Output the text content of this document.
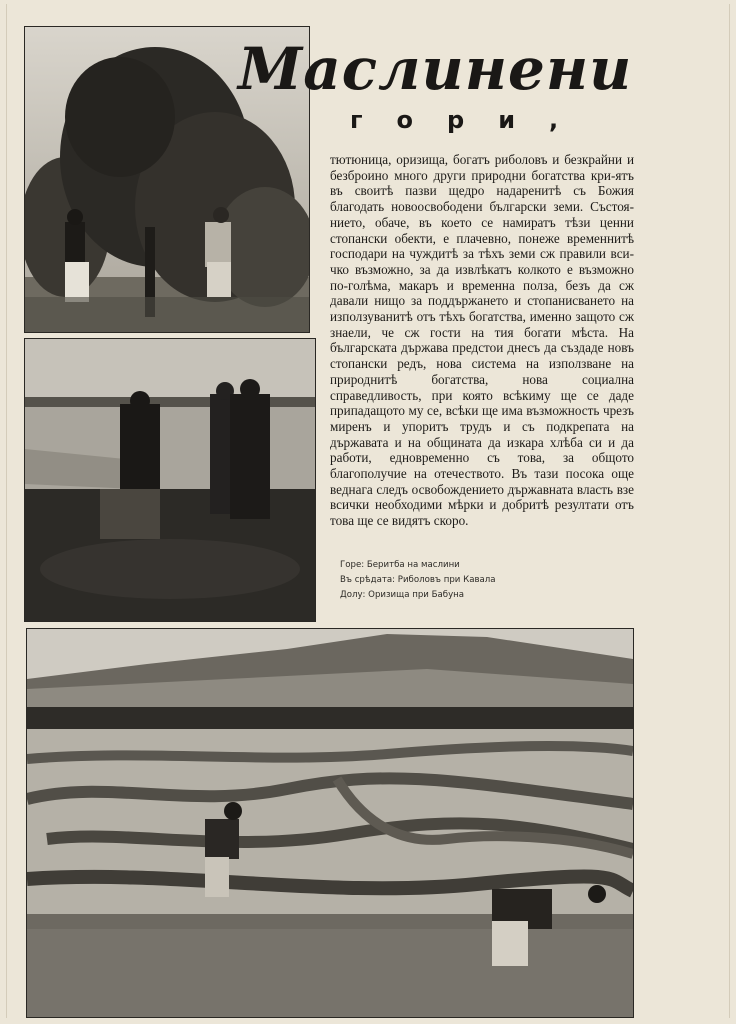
Маслинени
гори,
тютюница, оризища, богатъ риболовъ и безкрайни и безброино много други природни богатства кри-ятъ въ своитѣ пазви щедро надаренитѣ съ Божия благодать новоосвободени български земи. Състоя-нието, обаче, въ което се намиратъ тѣзи ценни стопански обекти, е плачевно, понеже временнитѣ господари на чуждитѣ за тѣхъ земи сж правили вси-чко възможно, за да извлѣкатъ колкото е възможно по-голѣма, макаръ и временна полза, безъ да сж давали нищо за поддържането и стопанисването на използуванитѣ отъ тѣхъ богатства, именно защото сж знаели, че сж гости на тия богати мѣста. На българската държава предстои днесъ да създаде новъ стопански редъ, нова система на използване на природнитѣ богатства, нова социална справедливость, при която всѣкиму ще се даде припадащото му се, всѣки ще има възможность чрезъ миренъ и упоритъ трудъ и съ подкрепата на държавата и на общината да изкара хлѣба си и да работи, едновременно съ това, за общото благополучие на отечеството. Въ тази посока още веднага следъ освобождението държавната власть взе всички необходими мѣрки и добритѣ резултати отъ това ще се видятъ скоро.
Горе: Беритба на маслини
Въ срѣдата: Риболовъ при Кавала
Долу: Оризища при Бабуна
